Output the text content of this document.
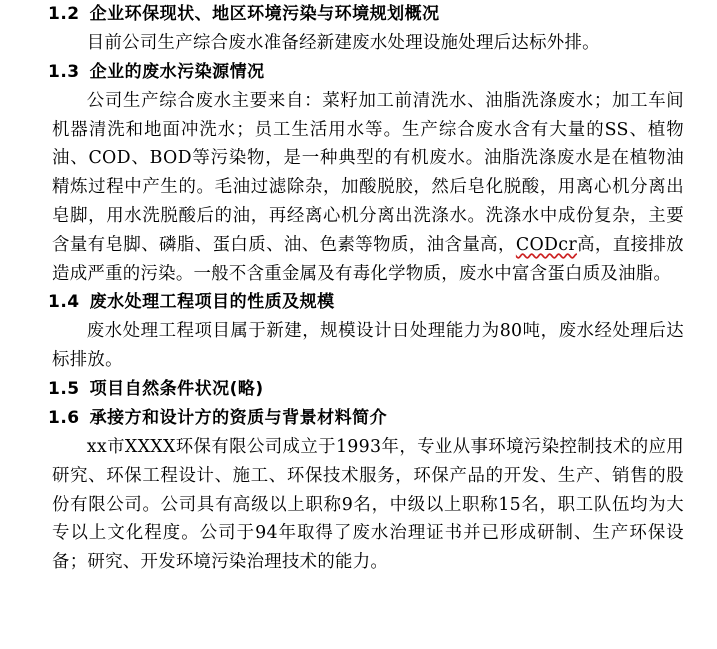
1.2 企业环保现状、地区环境污染与环境规划概况
目前公司生产综合废水准备经新建废水处理设施处理后达标外排。
1.3 企业的废水污染源情况
公司生产综合废水主要来自：菜籽加工前清洗水、油脂洗涤废水；加工车间机器清洗和地面冲洗水；员工生活用水等。生产综合废水含有大量的SS、植物油、COD、BOD等污染物，是一种典型的有机废水。油脂洗涤废水是在植物油精炼过程中产生的。毛油过滤除杂，加酸脱胶，然后皂化脱酸，用离心机分离出皂脚，用水洗脱酸后的油，再经离心机分离出洗涤水。洗涤水中成份复杂，主要含量有皂脚、磷脂、蛋白质、油、色素等物质，油含量高，CODcr高，直接排放造成严重的污染。一般不含重金属及有毒化学物质，废水中富含蛋白质及油脂。
1.4 废水处理工程项目的性质及规模
废水处理工程项目属于新建，规模设计日处理能力为80吨，废水经处理后达标排放。
1.5 项目自然条件状况(略)
1.6 承接方和设计方的资质与背景材料简介
xx市XXXX环保有限公司成立于1993年，专业从事环境污染控制技术的应用研究、环保工程设计、施工、环保技术服务，环保产品的开发、生产、销售的股份有限公司。公司具有高级以上职称9名，中级以上职称15名，职工队伍均为大专以上文化程度。公司于94年取得了废水治理证书并已形成研制、生产环保设备；研究、开发环境污染治理技术的能力。
